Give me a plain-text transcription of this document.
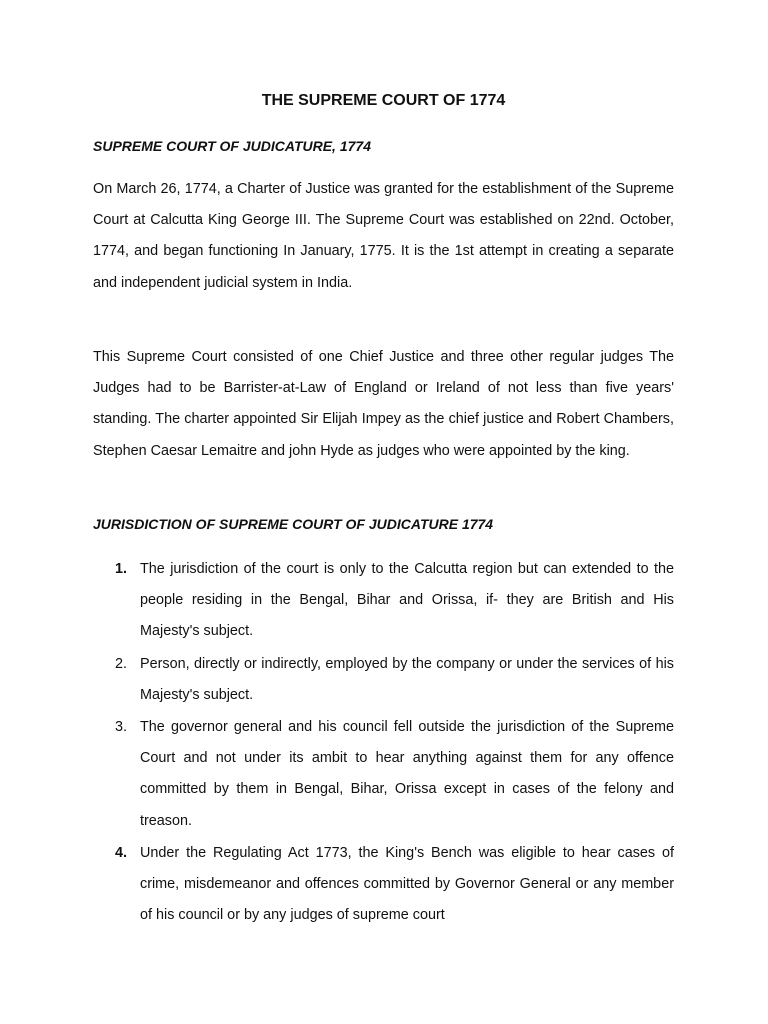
THE SUPREME COURT OF 1774
SUPREME COURT OF JUDICATURE, 1774

On March 26, 1774, a Charter of Justice was granted for the establishment of the Supreme Court at Calcutta King George III. The Supreme Court was established on 22nd. October, 1774, and began functioning In January, 1775. It is the 1st attempt in creating a separate and independent judicial system in India.

This Supreme Court consisted of one Chief Justice and three other regular judges The Judges had to be Barrister-at-Law of England or Ireland of not less than five years' standing. The charter appointed Sir Elijah Impey as the chief justice and Robert Chambers, Stephen Caesar Lemaitre and john Hyde as judges who were appointed by the king.

JURISDICTION OF SUPREME COURT OF JUDICATURE 1774
1. The jurisdiction of the court is only to the Calcutta region but can extended to the people residing in the Bengal, Bihar and Orissa, if- they are British and His Majesty's subject.
2. Person, directly or indirectly, employed by the company or under the services of his Majesty's subject.
3. The governor general and his council fell outside the jurisdiction of the Supreme Court and not under its ambit to hear anything against them for any offence committed by them in Bengal, Bihar, Orissa except in cases of the felony and treason.
4. Under the Regulating Act 1773, the King's Bench was eligible to hear cases of crime, misdemeanor and offences committed by Governor General or any member of his council or by any judges of supreme court
